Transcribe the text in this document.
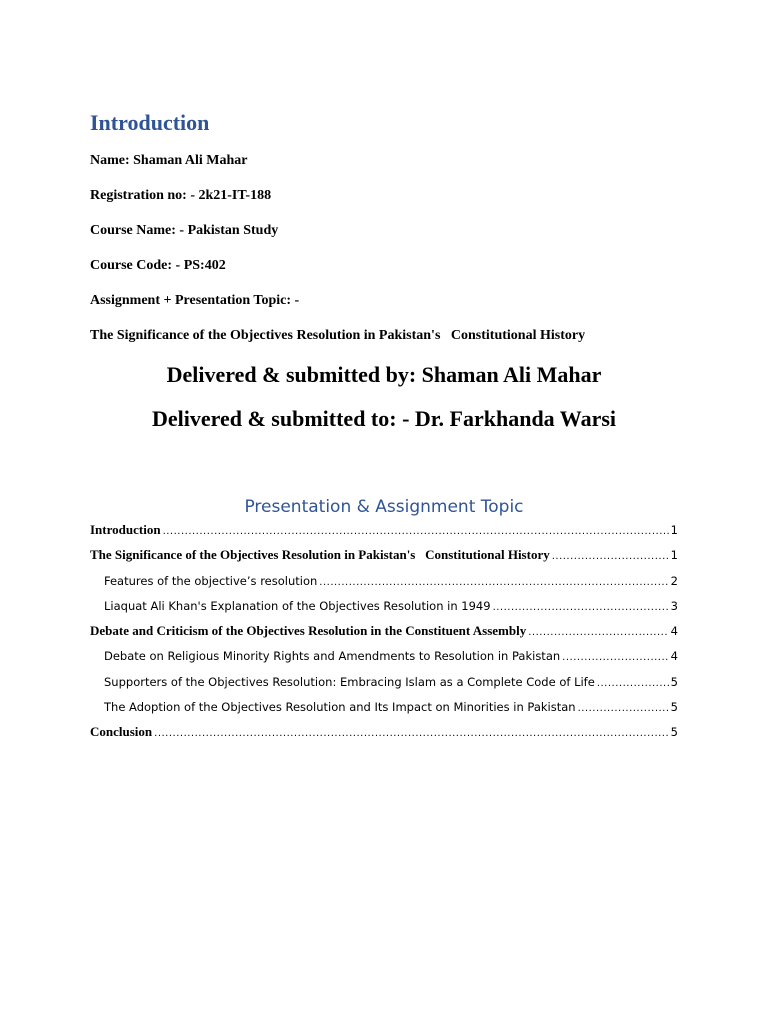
Introduction

Name: Shaman Ali Mahar

Registration no: - 2k21-IT-188

Course Name: - Pakistan Study

Course Code: - PS:402

Assignment + Presentation Topic: -

The Significance of the Objectives Resolution in Pakistan's   Constitutional History

Delivered & submitted by: Shaman Ali Mahar

Delivered & submitted to: - Dr. Farkhanda Warsi

Presentation & Assignment Topic
Introduction .....	1
The Significance of the Objectives Resolution in Pakistan's   Constitutional History .....	1
Features of the objective’s resolution .....	2
Liaquat Ali Khan's Explanation of the Objectives Resolution in 1949 .....	3
Debate and Criticism of the Objectives Resolution in the Constituent Assembly .....	4
Debate on Religious Minority Rights and Amendments to Resolution in Pakistan .....	4
Supporters of the Objectives Resolution: Embracing Islam as a Complete Code of Life .....	5
The Adoption of the Objectives Resolution and Its Impact on Minorities in Pakistan .....	5
Conclusion .....	5
